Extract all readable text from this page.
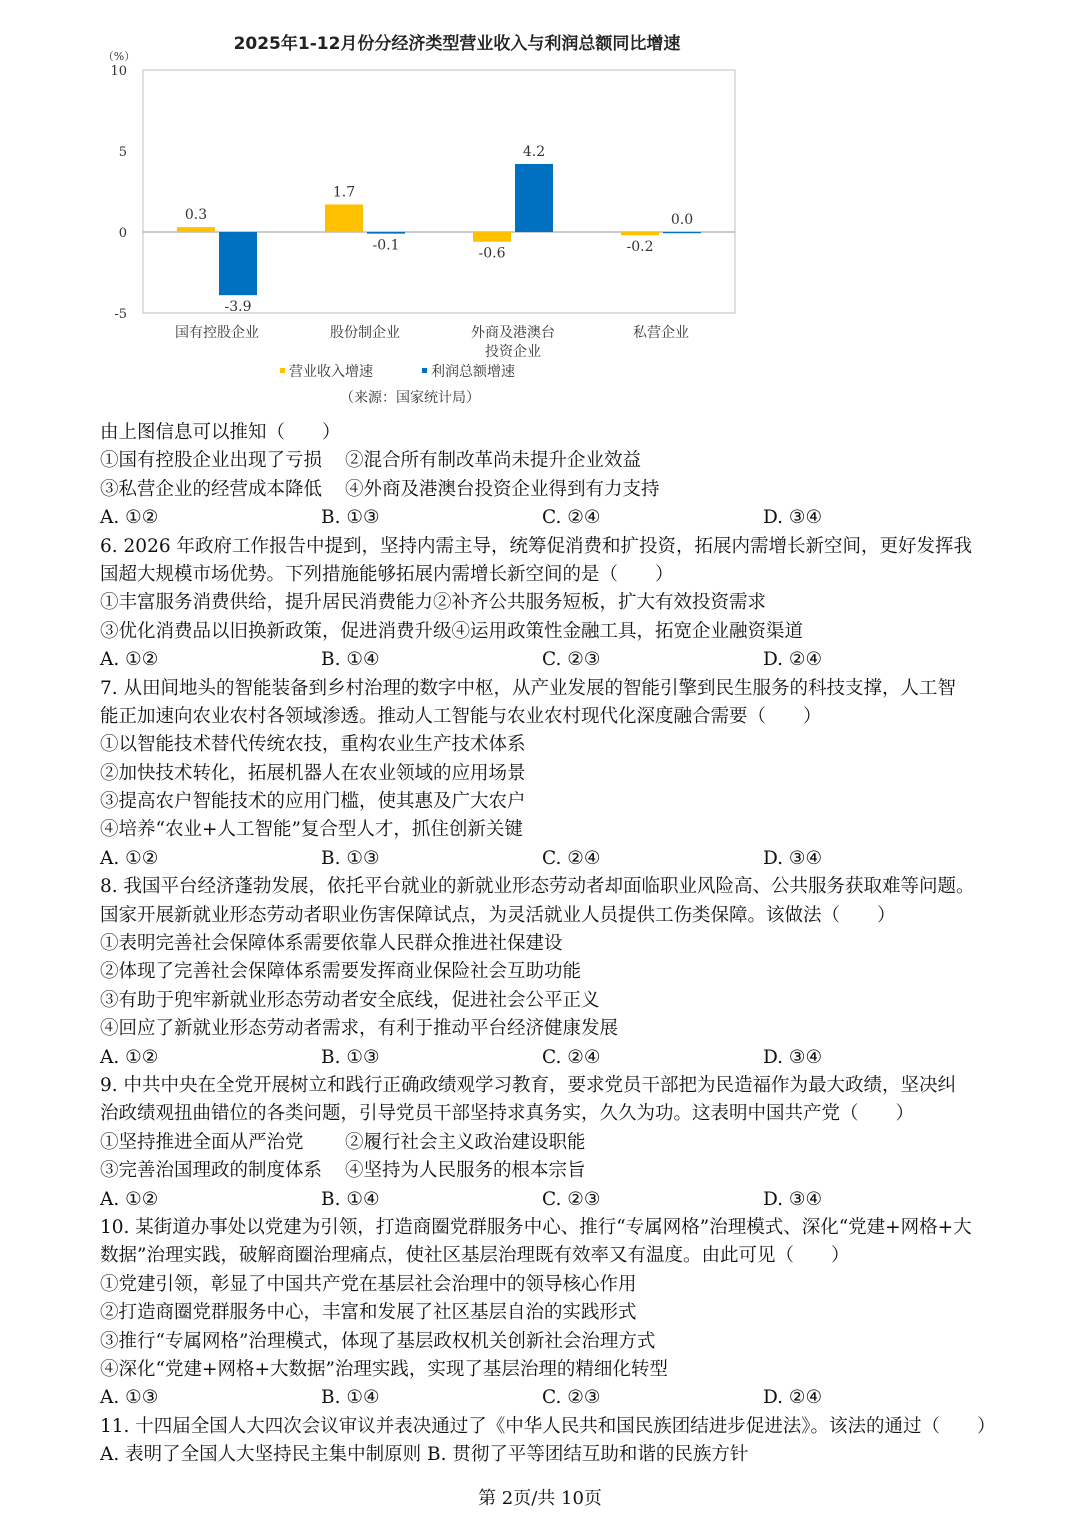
2025年1-12月份分经济类型营业收入与利润总额同比增速
（%）
10
5
0
-5
0.3
-3.9
国有控股企业
1.7
-0.1
股份制企业
-0.6
4.2
外商及港澳台
投资企业
-0.2
0.0
私营企业
营业收入增速	利润总额增速
（来源：国家统计局）
由上图信息可以推知（　　）
①国有控股企业出现了亏损 ②混合所有制改革尚未提升企业效益
③私营企业的经营成本降低 ④外商及港澳台投资企业得到有力支持
A. ①②	B. ①③	C. ②④	D. ③④
6. 2026 年政府工作报告中提到，坚持内需主导，统筹促消费和扩投资，拓展内需增长新空间，更好发挥我
国超大规模市场优势。下列措施能够拓展内需增长新空间的是（　　）
①丰富服务消费供给，提升居民消费能力②补齐公共服务短板，扩大有效投资需求
③优化消费品以旧换新政策，促进消费升级④运用政策性金融工具，拓宽企业融资渠道
A. ①②	B. ①④	C. ②③	D. ②④
7. 从田间地头的智能装备到乡村治理的数字中枢，从产业发展的智能引擎到民生服务的科技支撑，人工智
能正加速向农业农村各领域渗透。推动人工智能与农业农村现代化深度融合需要（　　）
①以智能技术替代传统农技，重构农业生产技术体系
②加快技术转化，拓展机器人在农业领域的应用场景
③提高农户智能技术的应用门槛，使其惠及广大农户
④培养“农业+人工智能”复合型人才，抓住创新关键
A. ①②	B. ①③	C. ②④	D. ③④
8. 我国平台经济蓬勃发展，依托平台就业的新就业形态劳动者却面临职业风险高、公共服务获取难等问题。
国家开展新就业形态劳动者职业伤害保障试点，为灵活就业人员提供工伤类保障。该做法（　　）
①表明完善社会保障体系需要依靠人民群众推进社保建设
②体现了完善社会保障体系需要发挥商业保险社会互助功能
③有助于兜牢新就业形态劳动者安全底线，促进社会公平正义
④回应了新就业形态劳动者需求，有利于推动平台经济健康发展
A. ①②	B. ①③	C. ②④	D. ③④
9. 中共中央在全党开展树立和践行正确政绩观学习教育，要求党员干部把为民造福作为最大政绩，坚决纠
治政绩观扭曲错位的各类问题，引导党员干部坚持求真务实，久久为功。这表明中国共产党（　　）
①坚持推进全面从严治党 ②履行社会主义政治建设职能
③完善治国理政的制度体系 ④坚持为人民服务的根本宗旨
A. ①②	B. ①④	C. ②③	D. ③④
10. 某街道办事处以党建为引领，打造商圈党群服务中心、推行“专属网格”治理模式、深化“党建+网格+大
数据”治理实践，破解商圈治理痛点，使社区基层治理既有效率又有温度。由此可见（　　）
①党建引领，彰显了中国共产党在基层社会治理中的领导核心作用
②打造商圈党群服务中心，丰富和发展了社区基层自治的实践形式
③推行“专属网格”治理模式，体现了基层政权机关创新社会治理方式
④深化“党建+网格+大数据”治理实践，实现了基层治理的精细化转型
A. ①③	B. ①④	C. ②③	D. ②④
11. 十四届全国人大四次会议审议并表决通过了《中华人民共和国民族团结进步促进法》。该法的通过（　　）
A. 表明了全国人大坚持民主集中制原则 B. 贯彻了平等团结互助和谐的民族方针
第 2页/共 10页
